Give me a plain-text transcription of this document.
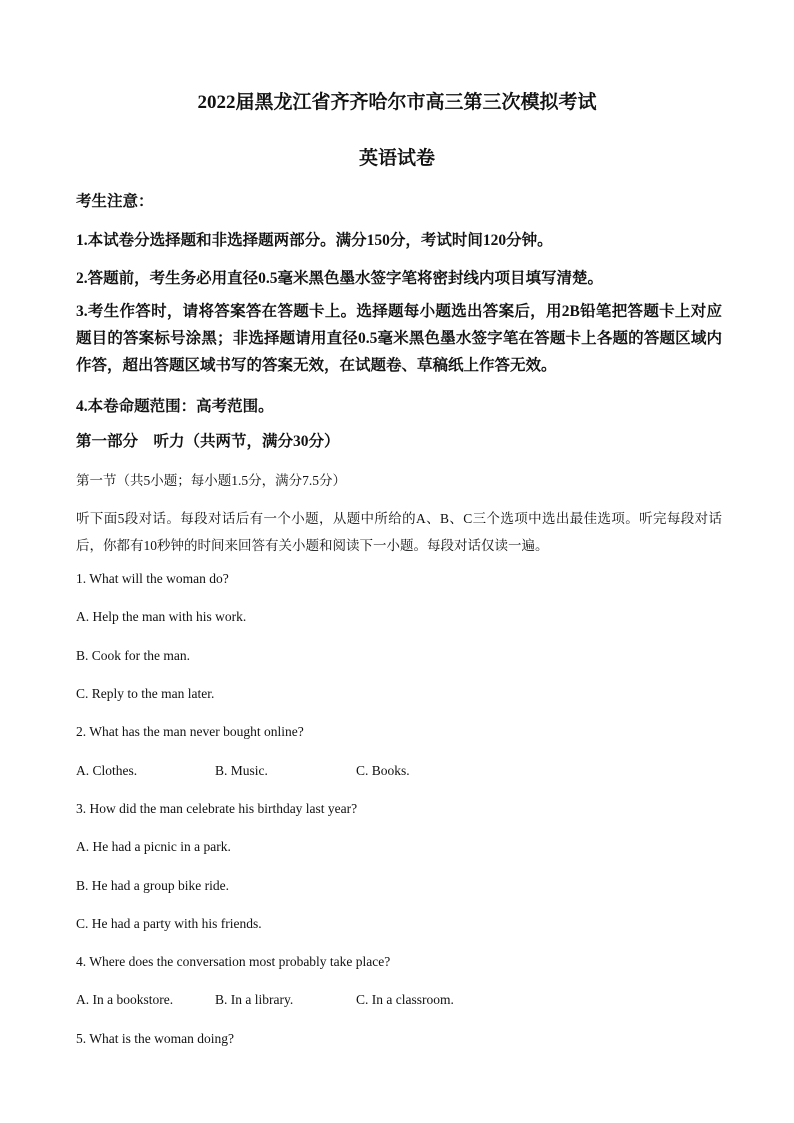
2022届黑龙江省齐齐哈尔市高三第三次模拟考试
英语试卷
考生注意：
1.本试卷分选择题和非选择题两部分。满分150分，考试时间120分钟。
2.答题前，考生务必用直径0.5毫米黑色墨水签字笔将密封线内项目填写清楚。
3.考生作答时，请将答案答在答题卡上。选择题每小题选出答案后，用2B铅笔把答题卡上对应题目的答案标号涂黑；非选择题请用直径0.5毫米黑色墨水签字笔在答题卡上各题的答题区域内作答，超出答题区域书写的答案无效，在试题卷、草稿纸上作答无效。
4.本卷命题范围：高考范围。
第一部分　听力（共两节，满分30分）
第一节（共5小题；每小题1.5分，满分7.5分）
听下面5段对话。每段对话后有一个小题，从题中所给的A、B、C三个选项中选出最佳选项。听完每段对话后，你都有10秒钟的时间来回答有关小题和阅读下一小题。每段对话仅读一遍。
1. What will the woman do?
A. Help the man with his work.
B. Cook for the man.
C. Reply to the man later.
2. What has the man never bought online?
A. Clothes.	B. Music.	C. Books.
3. How did the man celebrate his birthday last year?
A. He had a picnic in a park.
B. He had a group bike ride.
C. He had a party with his friends.
4. Where does the conversation most probably take place?
A. In a bookstore.	B. In a library.	C. In a classroom.
5. What is the woman doing?
